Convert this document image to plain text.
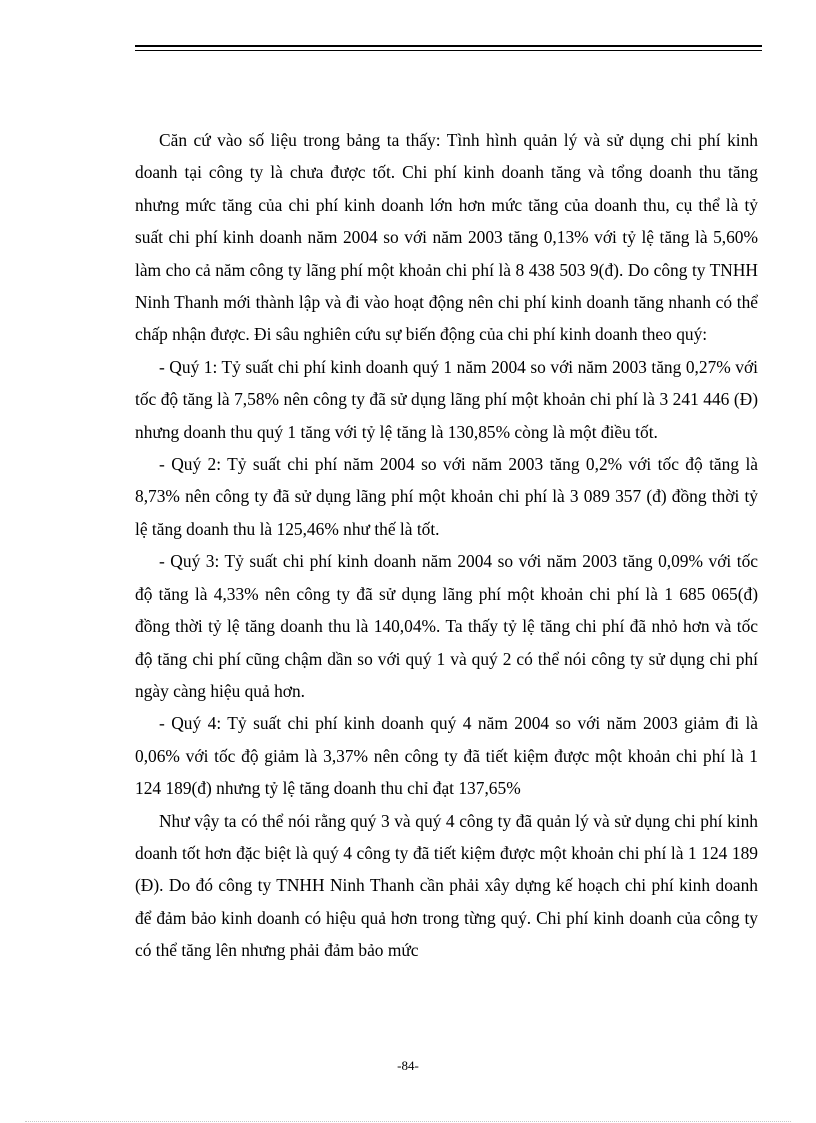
Căn cứ vào số liệu trong bảng ta thấy: Tình hình quản lý và sử dụng chi phí kinh doanh tại công ty là chưa được tốt. Chi phí kinh doanh tăng và tổng doanh thu tăng nhưng mức tăng của chi phí kinh doanh lớn hơn mức tăng của doanh thu, cụ thể là tỷ suất chi phí kinh doanh năm 2004 so với năm 2003 tăng 0,13% với tỷ lệ tăng là 5,60% làm cho cả năm công ty lãng phí một khoản chi phí là 8 438 503 9(đ). Do công ty TNHH Ninh Thanh mới thành lập và đi vào hoạt động nên chi phí kinh doanh tăng nhanh có thể chấp nhận được. Đi sâu nghiên cứu sự biến động của chi phí kinh doanh theo quý:

- Quý 1: Tỷ suất chi phí kinh doanh quý 1 năm 2004 so với năm 2003 tăng 0,27% với tốc độ tăng là 7,58% nên công ty đã sử dụng lãng phí một khoản chi phí là 3 241 446 (Đ) nhưng doanh thu quý 1 tăng với tỷ lệ tăng là 130,85% còng là một điều tốt.

- Quý 2: Tỷ suất chi phí năm 2004 so với năm 2003 tăng 0,2% với tốc độ tăng là 8,73% nên công ty đã sử dụng lãng phí một khoản chi phí là 3 089 357 (đ) đồng thời tỷ lệ tăng doanh thu là 125,46% như thế là tốt.

- Quý 3: Tỷ suất chi phí kinh doanh năm 2004 so với năm 2003 tăng 0,09% với tốc độ tăng là 4,33% nên công ty đã sử dụng lãng phí một khoản chi phí là 1 685 065(đ) đồng thời tỷ lệ tăng doanh thu là 140,04%. Ta thấy tỷ lệ tăng chi phí đã nhỏ hơn và tốc độ tăng chi phí cũng chậm dần so với quý 1 và quý 2 có thể nói công ty sử dụng chi phí ngày càng hiệu quả hơn.

- Quý 4: Tỷ suất chi phí kinh doanh quý 4 năm 2004 so với năm 2003 giảm đi là 0,06% với tốc độ giảm là 3,37% nên công ty đã tiết kiệm được một khoản chi phí là 1 124 189(đ) nhưng tỷ lệ tăng doanh thu chỉ đạt 137,65%

Như vậy ta có thể nói rằng quý 3 và quý 4 công ty đã quản lý và sử dụng chi phí kinh doanh tốt hơn đặc biệt là quý 4 công ty đã tiết kiệm được một khoản chi phí là 1 124 189 (Đ). Do đó công ty TNHH Ninh Thanh cần phải xây dựng kế hoạch chi phí kinh doanh để đảm bảo kinh doanh có hiệu quả hơn trong từng quý. Chi phí kinh doanh của công ty có thể tăng lên nhưng phải đảm bảo mức

-84-
